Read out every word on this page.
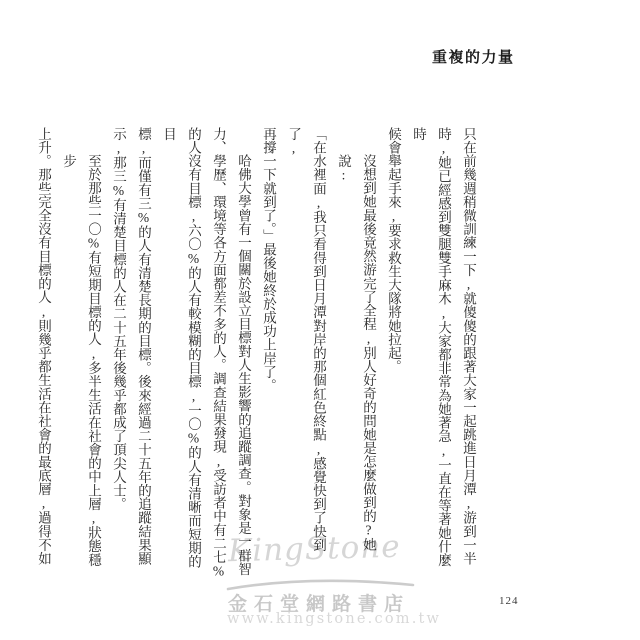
重複的力量
KingStone	只在前幾週稍微訓練一下,就傻傻的跟著大家一起跳進日月潭,游到一半

時,她已經感到雙腿雙手麻木,大家都非常為她著急,一直在等著她什麼時

候會舉起手來,要求救生大隊將她拉起。

沒想到她最後竟然游完了全程,別人好奇的問她是怎麼做到的?她說:

「在水裡面,我只看得到日月潭對岸的那個紅色終點,感覺快到了快到了,

再撐一下就到了。」最後她終於成功上岸了。

哈佛大學曾有一個關於設立目標對人生影響的追蹤調查。對象是一群智

力、學歷、環境等各方面都差不多的人。調查結果發現,受訪者中有二七%

的人沒有目標,六〇%的人有較模糊的目標,一〇%的人有清晰而短期的目

標,而僅有三%的人有清楚長期的目標。後來經過二十五年的追蹤結果顯

示,那三%有清楚目標的人在二十五年後幾乎都成了頂尖人士。

至於那些一〇%有短期目標的人,多半生活在社會的中上層,狀態穩步

上升。那些完全沒有目標的人,則幾乎都生活在社會的最底層,過得不如

金石堂網路書店
www.kingstone.com.tw
124
